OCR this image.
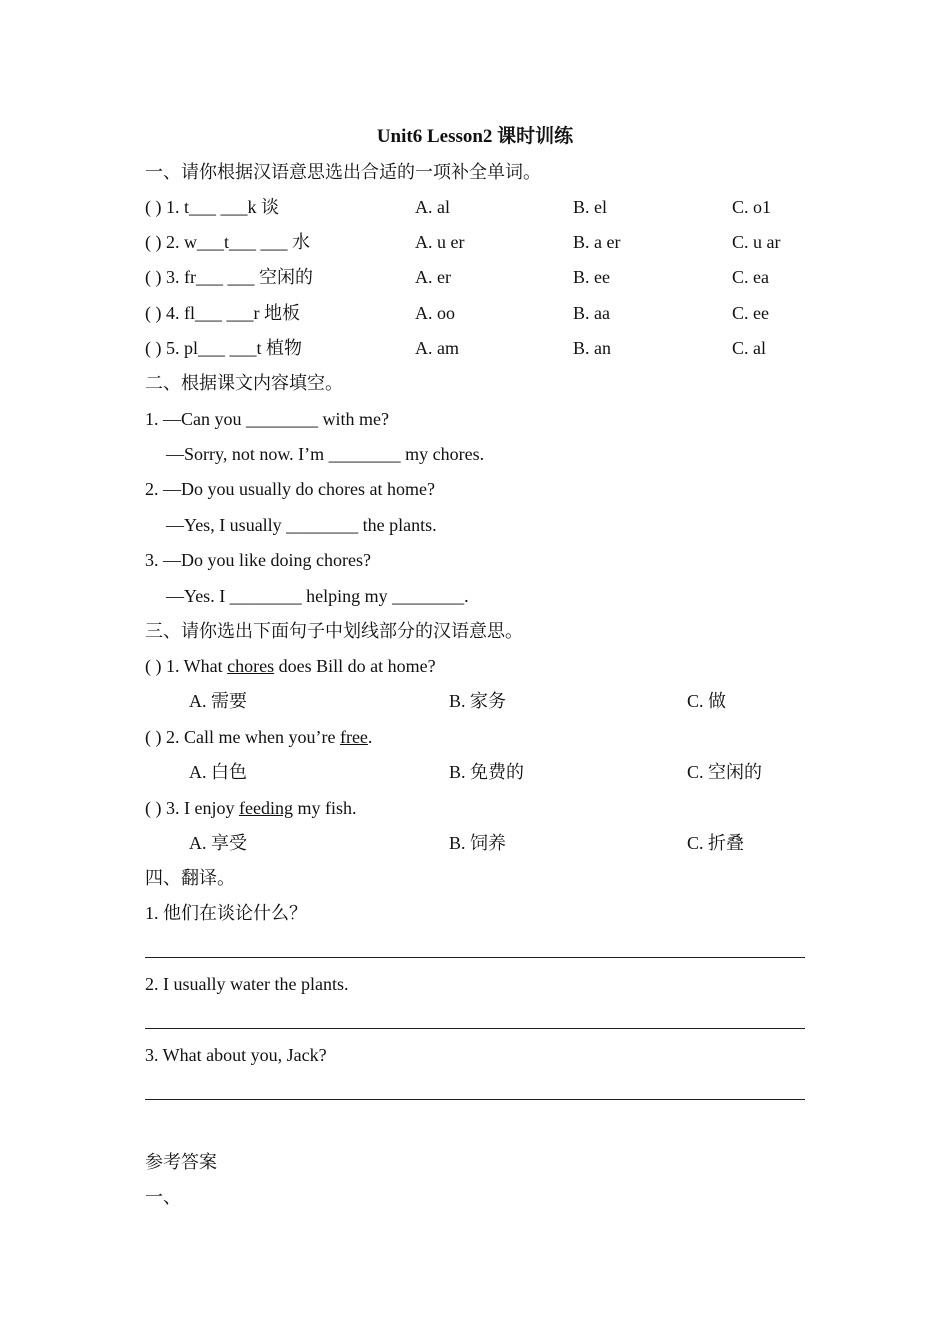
Unit6 Lesson2 课时训练
一、请你根据汉语意思选出合适的一项补全单词。
( ) 1. t___ ___k 谈	A. al	B. el	C. o1
( ) 2. w___t___ ___ 水	A. u er	B. a er	C. u ar
( ) 3. fr___ ___ 空闲的	A. er	B. ee	C. ea
( ) 4. fl___ ___r 地板	A. oo	B. aa	C. ee
( ) 5. pl___ ___t 植物	A. am	B. an	C. al
二、根据课文内容填空。
1. —Can you ________ with me?
—Sorry, not now. I’m ________ my chores.
2. —Do you usually do chores at home?
—Yes, I usually ________ the plants.
3. —Do you like doing chores?
—Yes. I ________ helping my ________.
三、请你选出下面句子中划线部分的汉语意思。
( ) 1. What chores does Bill do at home?
A. 需要	B. 家务	C. 做
( ) 2. Call me when you’re free.
A. 白色	B. 免费的	C. 空闲的
( ) 3. I enjoy feeding my fish.
A. 享受	B. 饲养	C. 折叠
四、翻译。
1. 他们在谈论什么？
2. I usually water the plants.
3. What about you, Jack?
参考答案
一、
